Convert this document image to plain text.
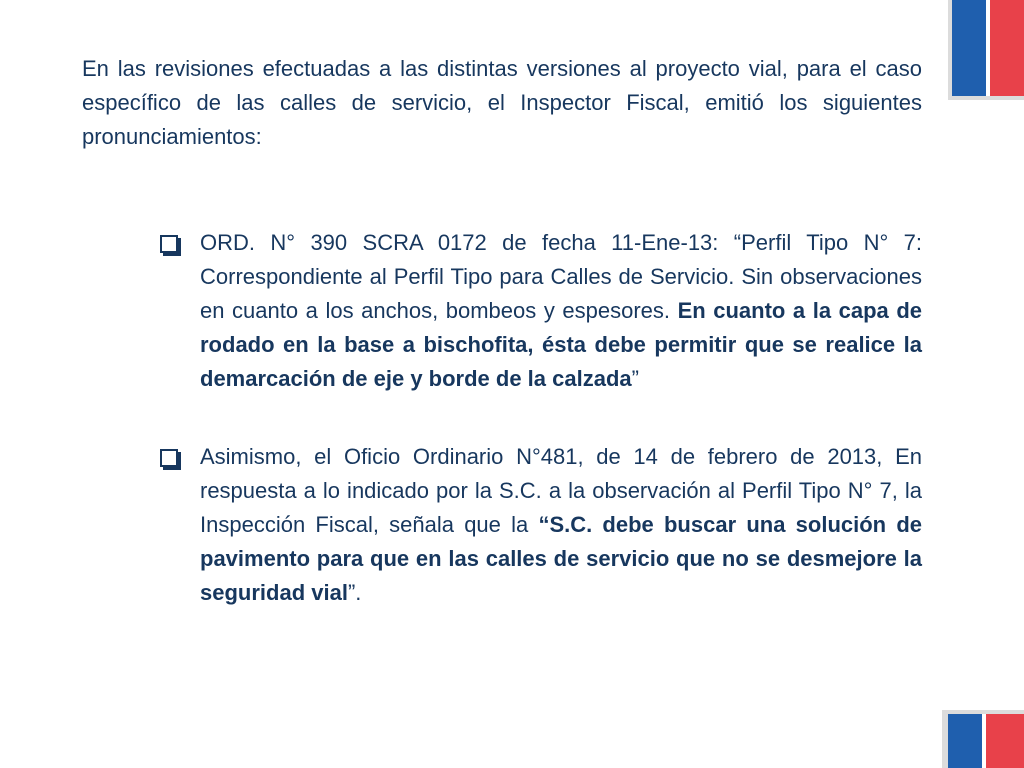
En las revisiones efectuadas a las distintas versiones al proyecto vial, para el caso específico de las calles de servicio, el Inspector Fiscal, emitió los siguientes pronunciamientos:

ORD. N° 390 SCRA 0172 de fecha 11-Ene-13: “Perfil Tipo N° 7: Correspondiente al Perfil Tipo para Calles de Servicio. Sin observaciones en cuanto a los anchos, bombeos y espesores. En cuanto a la capa de rodado en la base a bischofita, ésta debe permitir que se realice la demarcación de eje y borde de la calzada”

Asimismo, el Oficio Ordinario N°481, de 14 de febrero de 2013, En respuesta a lo indicado por la S.C. a la observación al Perfil Tipo N° 7, la Inspección Fiscal, señala que la “S.C. debe buscar una solución de pavimento para que en las calles de servicio que no se desmejore la seguridad vial”.
